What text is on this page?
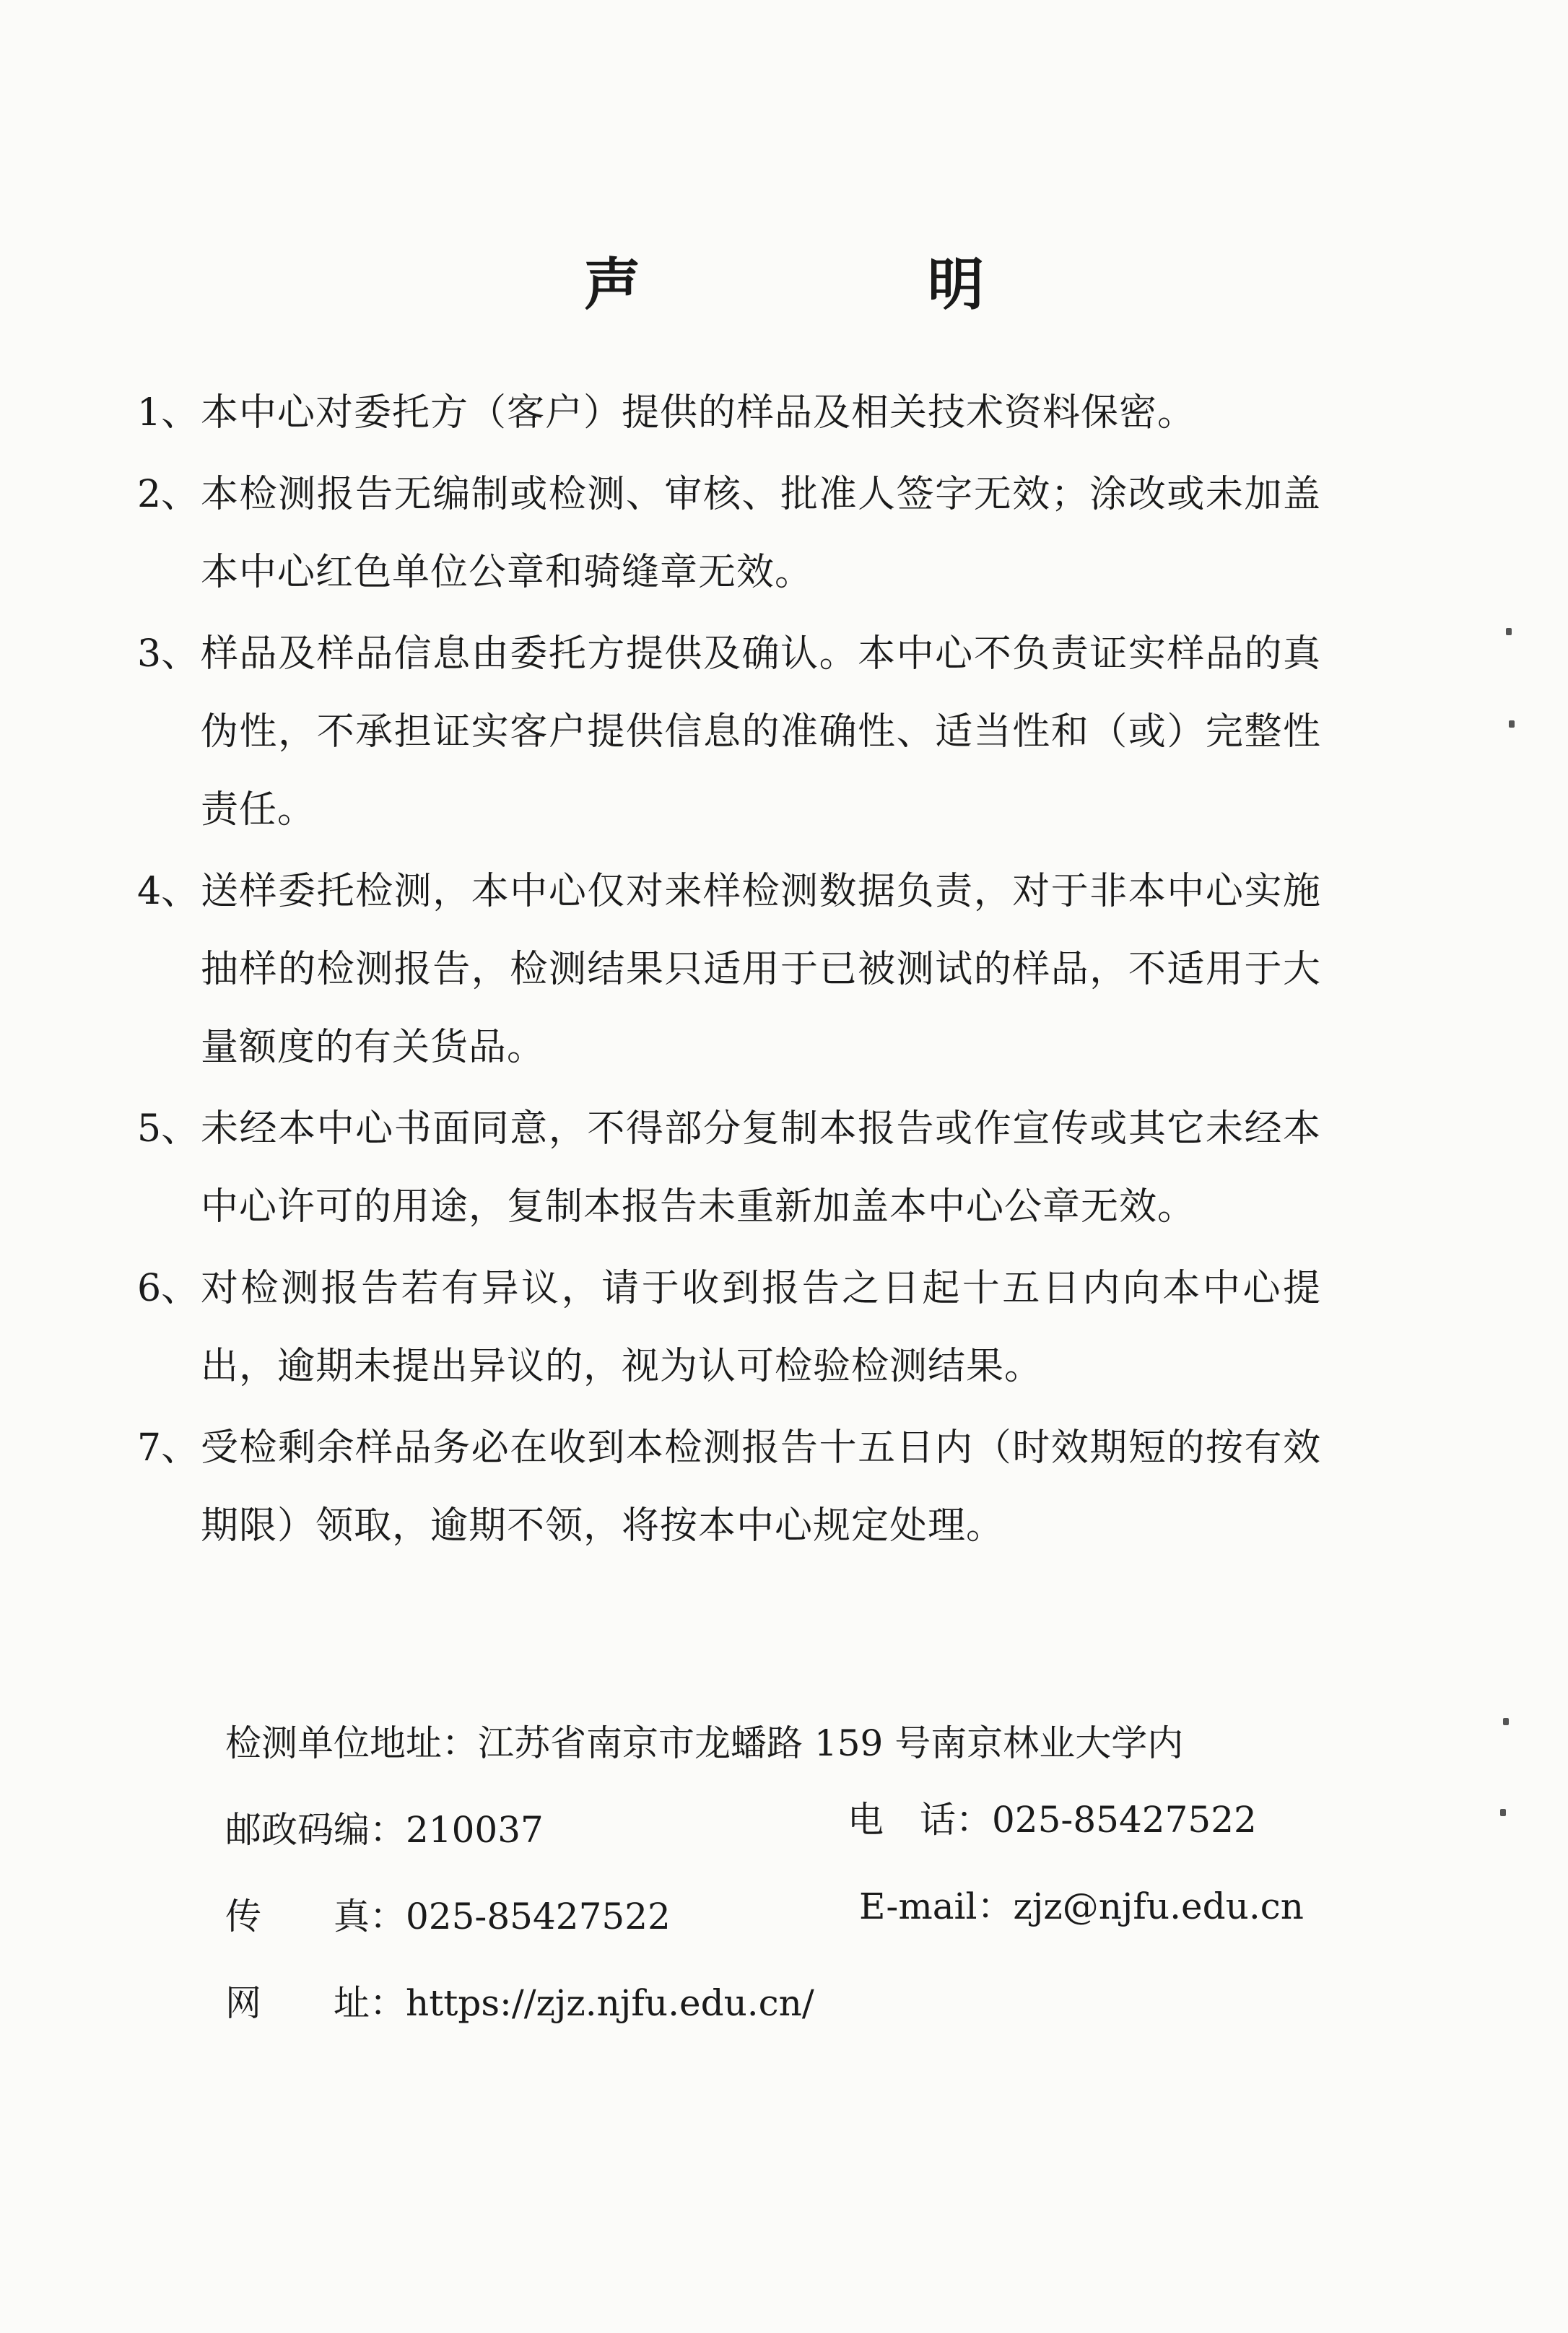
声　明
1、 本中心对委托方（客户）提供的样品及相关技术资料保密。
2、 本检测报告无编制或检测、审核、批准人签字无效；涂改或未加盖本中心红色单位公章和骑缝章无效。
3、 样品及样品信息由委托方提供及确认。本中心不负责证实样品的真伪性，不承担证实客户提供信息的准确性、适当性和（或）完整性责任。
4、 送样委托检测，本中心仅对来样检测数据负责，对于非本中心实施抽样的检测报告，检测结果只适用于已被测试的样品，不适用于大量额度的有关货品。
5、 未经本中心书面同意，不得部分复制本报告或作宣传或其它未经本中心许可的用途，复制本报告未重新加盖本中心公章无效。
6、 对检测报告若有异议，请于收到报告之日起十五日内向本中心提出，逾期未提出异议的，视为认可检验检测结果。
7、 受检剩余样品务必在收到本检测报告十五日内（时效期短的按有效期限）领取，逾期不领，将按本中心规定处理。
检测单位地址：江苏省南京市龙蟠路 159 号南京林业大学内
邮政码编：210037	电　话：025-85427522
传　　真：025-85427522	E-mail：zjz@njfu.edu.cn
网　　址：https://zjz.njfu.edu.cn/
